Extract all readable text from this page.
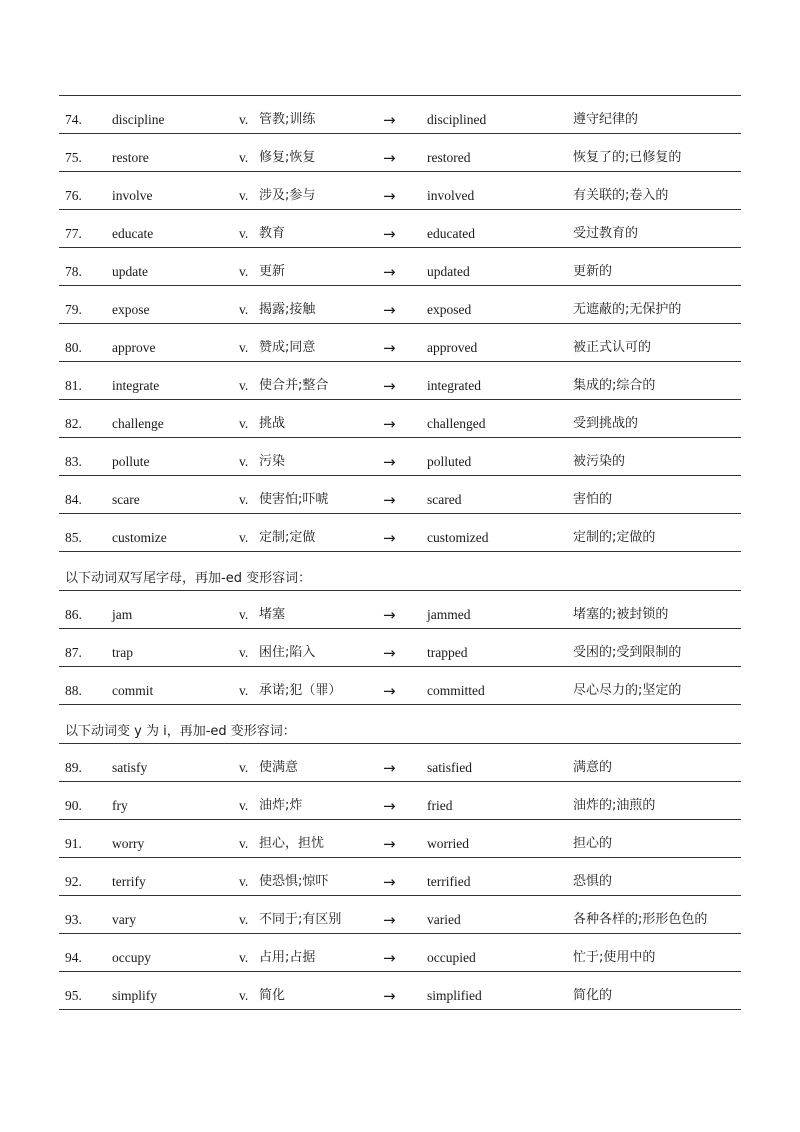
74. discipline	v. 管教;训练	→ disciplined	遵守纪律的
75. restore	v. 修复;恢复	→ restored	恢复了的;已修复的
76. involve	v. 涉及;参与	→ involved	有关联的;卷入的
77. educate	v. 教育	→ educated	受过教育的
78. update	v. 更新	→ updated	更新的
79. expose	v. 揭露;接触	→ exposed	无遮蔽的;无保护的
80. approve	v. 赞成;同意	→ approved	被正式认可的
81. integrate	v. 使合并;整合	→ integrated	集成的;综合的
82. challenge	v. 挑战	→ challenged	受到挑战的
83. pollute	v. 污染	→ polluted	被污染的
84. scare	v. 使害怕;吓唬	→ scared	害怕的
85. customize	v. 定制;定做	→ customized	定制的;定做的
以下动词双写尾字母，再加-ed 变形容词：
86. jam	v. 堵塞	→ jammed	堵塞的;被封锁的
87. trap	v. 困住;陷入	→ trapped	受困的;受到限制的
88. commit	v. 承诺;犯（罪）	→ committed	尽心尽力的;坚定的
以下动词变 y 为 i，再加-ed 变形容词：
89. satisfy	v. 使满意	→ satisfied	满意的
90. fry	v. 油炸;炸	→ fried	油炸的;油煎的
91. worry	v. 担心，担忧	→ worried	担心的
92. terrify	v. 使恐惧;惊吓	→ terrified	恐惧的
93. vary	v. 不同于;有区别	→ varied	各种各样的;形形色色的
94. occupy	v. 占用;占据	→ occupied	忙于;使用中的
95. simplify	v. 简化	→ simplified	简化的
